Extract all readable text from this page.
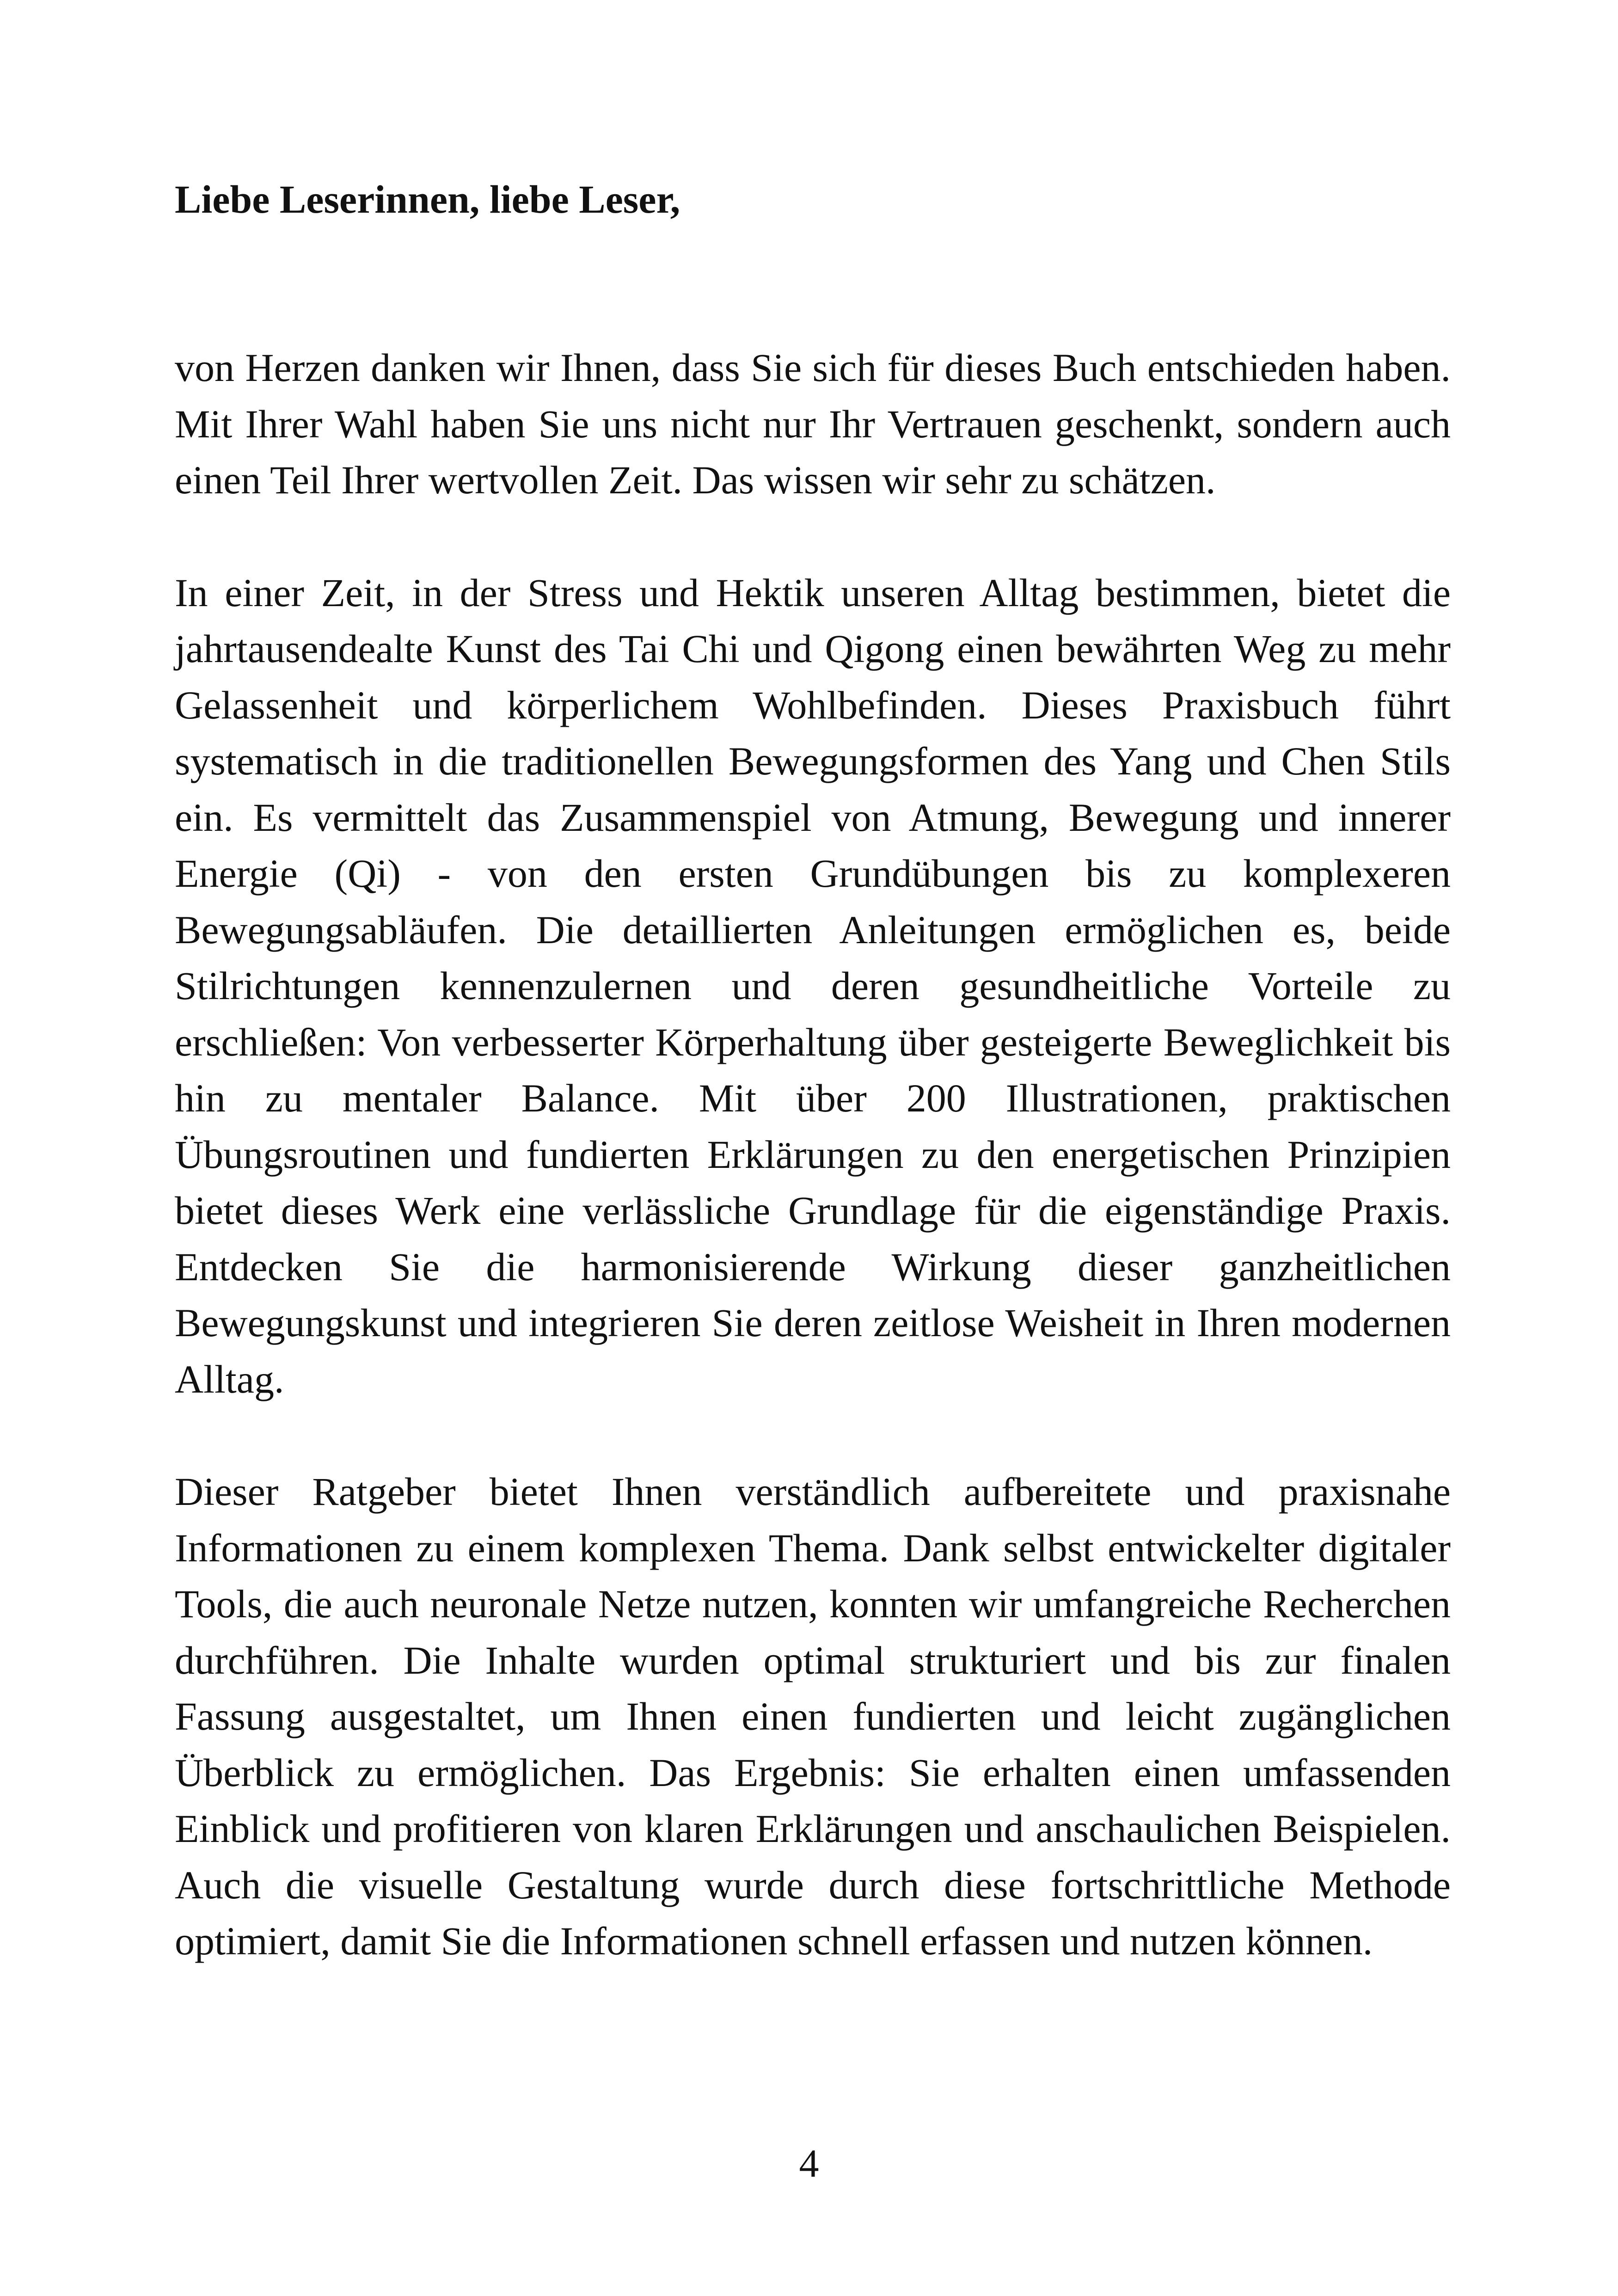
Liebe Leserinnen, liebe Leser,

von Herzen danken wir Ihnen, dass Sie sich für dieses Buch entschieden haben. Mit Ihrer Wahl haben Sie uns nicht nur Ihr Vertrauen geschenkt, sondern auch einen Teil Ihrer wertvollen Zeit. Das wissen wir sehr zu schätzen.

In einer Zeit, in der Stress und Hektik unseren Alltag bestimmen, bietet die jahrtausendealte Kunst des Tai Chi und Qigong einen bewährten Weg zu mehr Gelassenheit und körperlichem Wohlbefinden. Dieses Praxisbuch führt systematisch in die traditionellen Bewegungsformen des Yang und Chen Stils ein. Es vermittelt das Zusammenspiel von Atmung, Bewegung und innerer Energie (Qi) - von den ersten Grundübungen bis zu komplexeren Bewegungsabläufen. Die detaillierten Anleitungen ermöglichen es, beide Stilrichtungen kennenzulernen und deren gesundheitliche Vorteile zu erschließen: Von verbesserter Körperhaltung über gesteigerte Beweglichkeit bis hin zu mentaler Balance. Mit über 200 Illustrationen, praktischen Übungsroutinen und fundierten Erklärungen zu den energetischen Prinzipien bietet dieses Werk eine verlässliche Grundlage für die eigenständige Praxis. Entdecken Sie die harmonisierende Wirkung dieser ganzheitlichen Bewegungskunst und integrieren Sie deren zeitlose Weisheit in Ihren modernen Alltag.

Dieser Ratgeber bietet Ihnen verständlich aufbereitete und praxisnahe Informationen zu einem komplexen Thema. Dank selbst entwickelter digitaler Tools, die auch neuronale Netze nutzen, konnten wir umfangreiche Recherchen durchführen. Die Inhalte wurden optimal strukturiert und bis zur finalen Fassung ausgestaltet, um Ihnen einen fundierten und leicht zugänglichen Überblick zu ermöglichen. Das Ergebnis: Sie erhalten einen umfassenden Einblick und profitieren von klaren Erklärungen und anschaulichen Beispielen. Auch die visuelle Gestaltung wurde durch diese fortschrittliche Methode optimiert, damit Sie die Informationen schnell erfassen und nutzen können.

4
